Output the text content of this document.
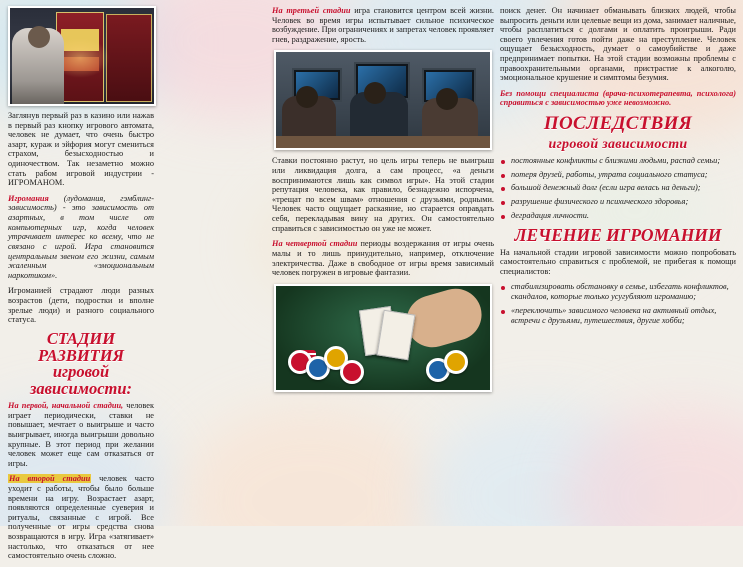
Заглянув первый раз в казино или нажав в первый раз кнопку игрового автомата, человек не думает, что очень быстро азарт, кураж и эйфория могут смениться страхом, безысходностью и одиночеством. Так незаметно можно стать рабом игровой индустрии - ИГРОМАНОМ.

Игромания (лудомания, гэмблинг-зависимость) - это зависимость от азартных, в том числе от компьютерных игр, когда человек утрачивает интерес ко всему, что не связано с игрой. Игра становится центральным звеном его жизни, самым жаленным «эмоциональным наркотиком».

Игроманией страдают люди разных возрастов (дети, подростки и вполне зрелые люди) и разного социального статуса.

СТАДИИ РАЗВИТИЯ
игровой зависимости:

На первой, начальной стадии, человек играет периодически, ставки не повышает, мечтает о выигрыше и часто выигрывает, иногда выигрыши довольно крупные. В этот период при желании человек может еще сам отказаться от игры.

На второй стадии человек часто уходит с работы, чтобы было больше времени на игру. Возрастает азарт, появляются определенные суеверия и ритуалы, связанные с игрой. Все полученные от игры средства снова возвращаются в игру. Игра «затягивает» настолько, что отказаться от нее самостоятельно очень сложно.

На третьей стадии игра становится центром всей жизни. Человек во время игры испытывает сильное психическое возбуждение. При ограничениях и запретах человек проявляет гнев, раздражение, ярость.

Ставки постоянно растут, но цель игры теперь не выигрыш или ликвидация долга, а сам процесс, «а деньги воспринимаются лишь как символ игры». На этой стадии репутация человека, как правило, безнадежно испорчена, «трещат по всем швам» отношения с друзьями, родными. Человек часто ощущает раскаяние, но старается оправдать себя, перекладывая вину на других. Он самостоятельно справиться с зависимостью он уже не может.

На четвертой стадии периоды воздержания от игры очень малы и то лишь принудительно, например, отключение электричества. Даже в свободное от игры время зависимый человек погружен в игровые фантазии.

поиск денег. Он начинает обманывать близких людей, чтобы выпросить деньги или целевые вещи из дома, занимает наличные, чтобы расплатиться с долгами и оплатить проигрыши. Ради своего увлечения готов пойти даже на преступление. Человек ощущает безысходность, думает о самоубийстве и даже предпринимает попытки. На этой стадии возможны проблемы с правоохранительными органами, пристрастие к алкоголю, эмоциональное крушение и симптомы безумия.

Без помощи специалиста (врача-психотерапевта, психолога) справиться с зависимостью уже невозможно.

ПОСЛЕДСТВИЯ
игровой зависимости
постоянные конфликты с близкими людьми, распад семьи;
потеря друзей, работы, утрата социального статуса;
большой денежный долг (если игра велась на деньги);
разрушение физического и психического здоровья;
деградация личности.
ЛЕЧЕНИЕ ИГРОМАНИИ

На начальной стадии игровой зависимости можно попробовать самостоятельно справиться с проблемой, не прибегая к помощи специалистов:

стабилизировать обстановку в семье, избегать конфликтов, скандалов, которые только усугубляют игроманию;
«переключить» зависимого человека на активный отдых, встречи с друзьями, путешествия, другие хобби;
